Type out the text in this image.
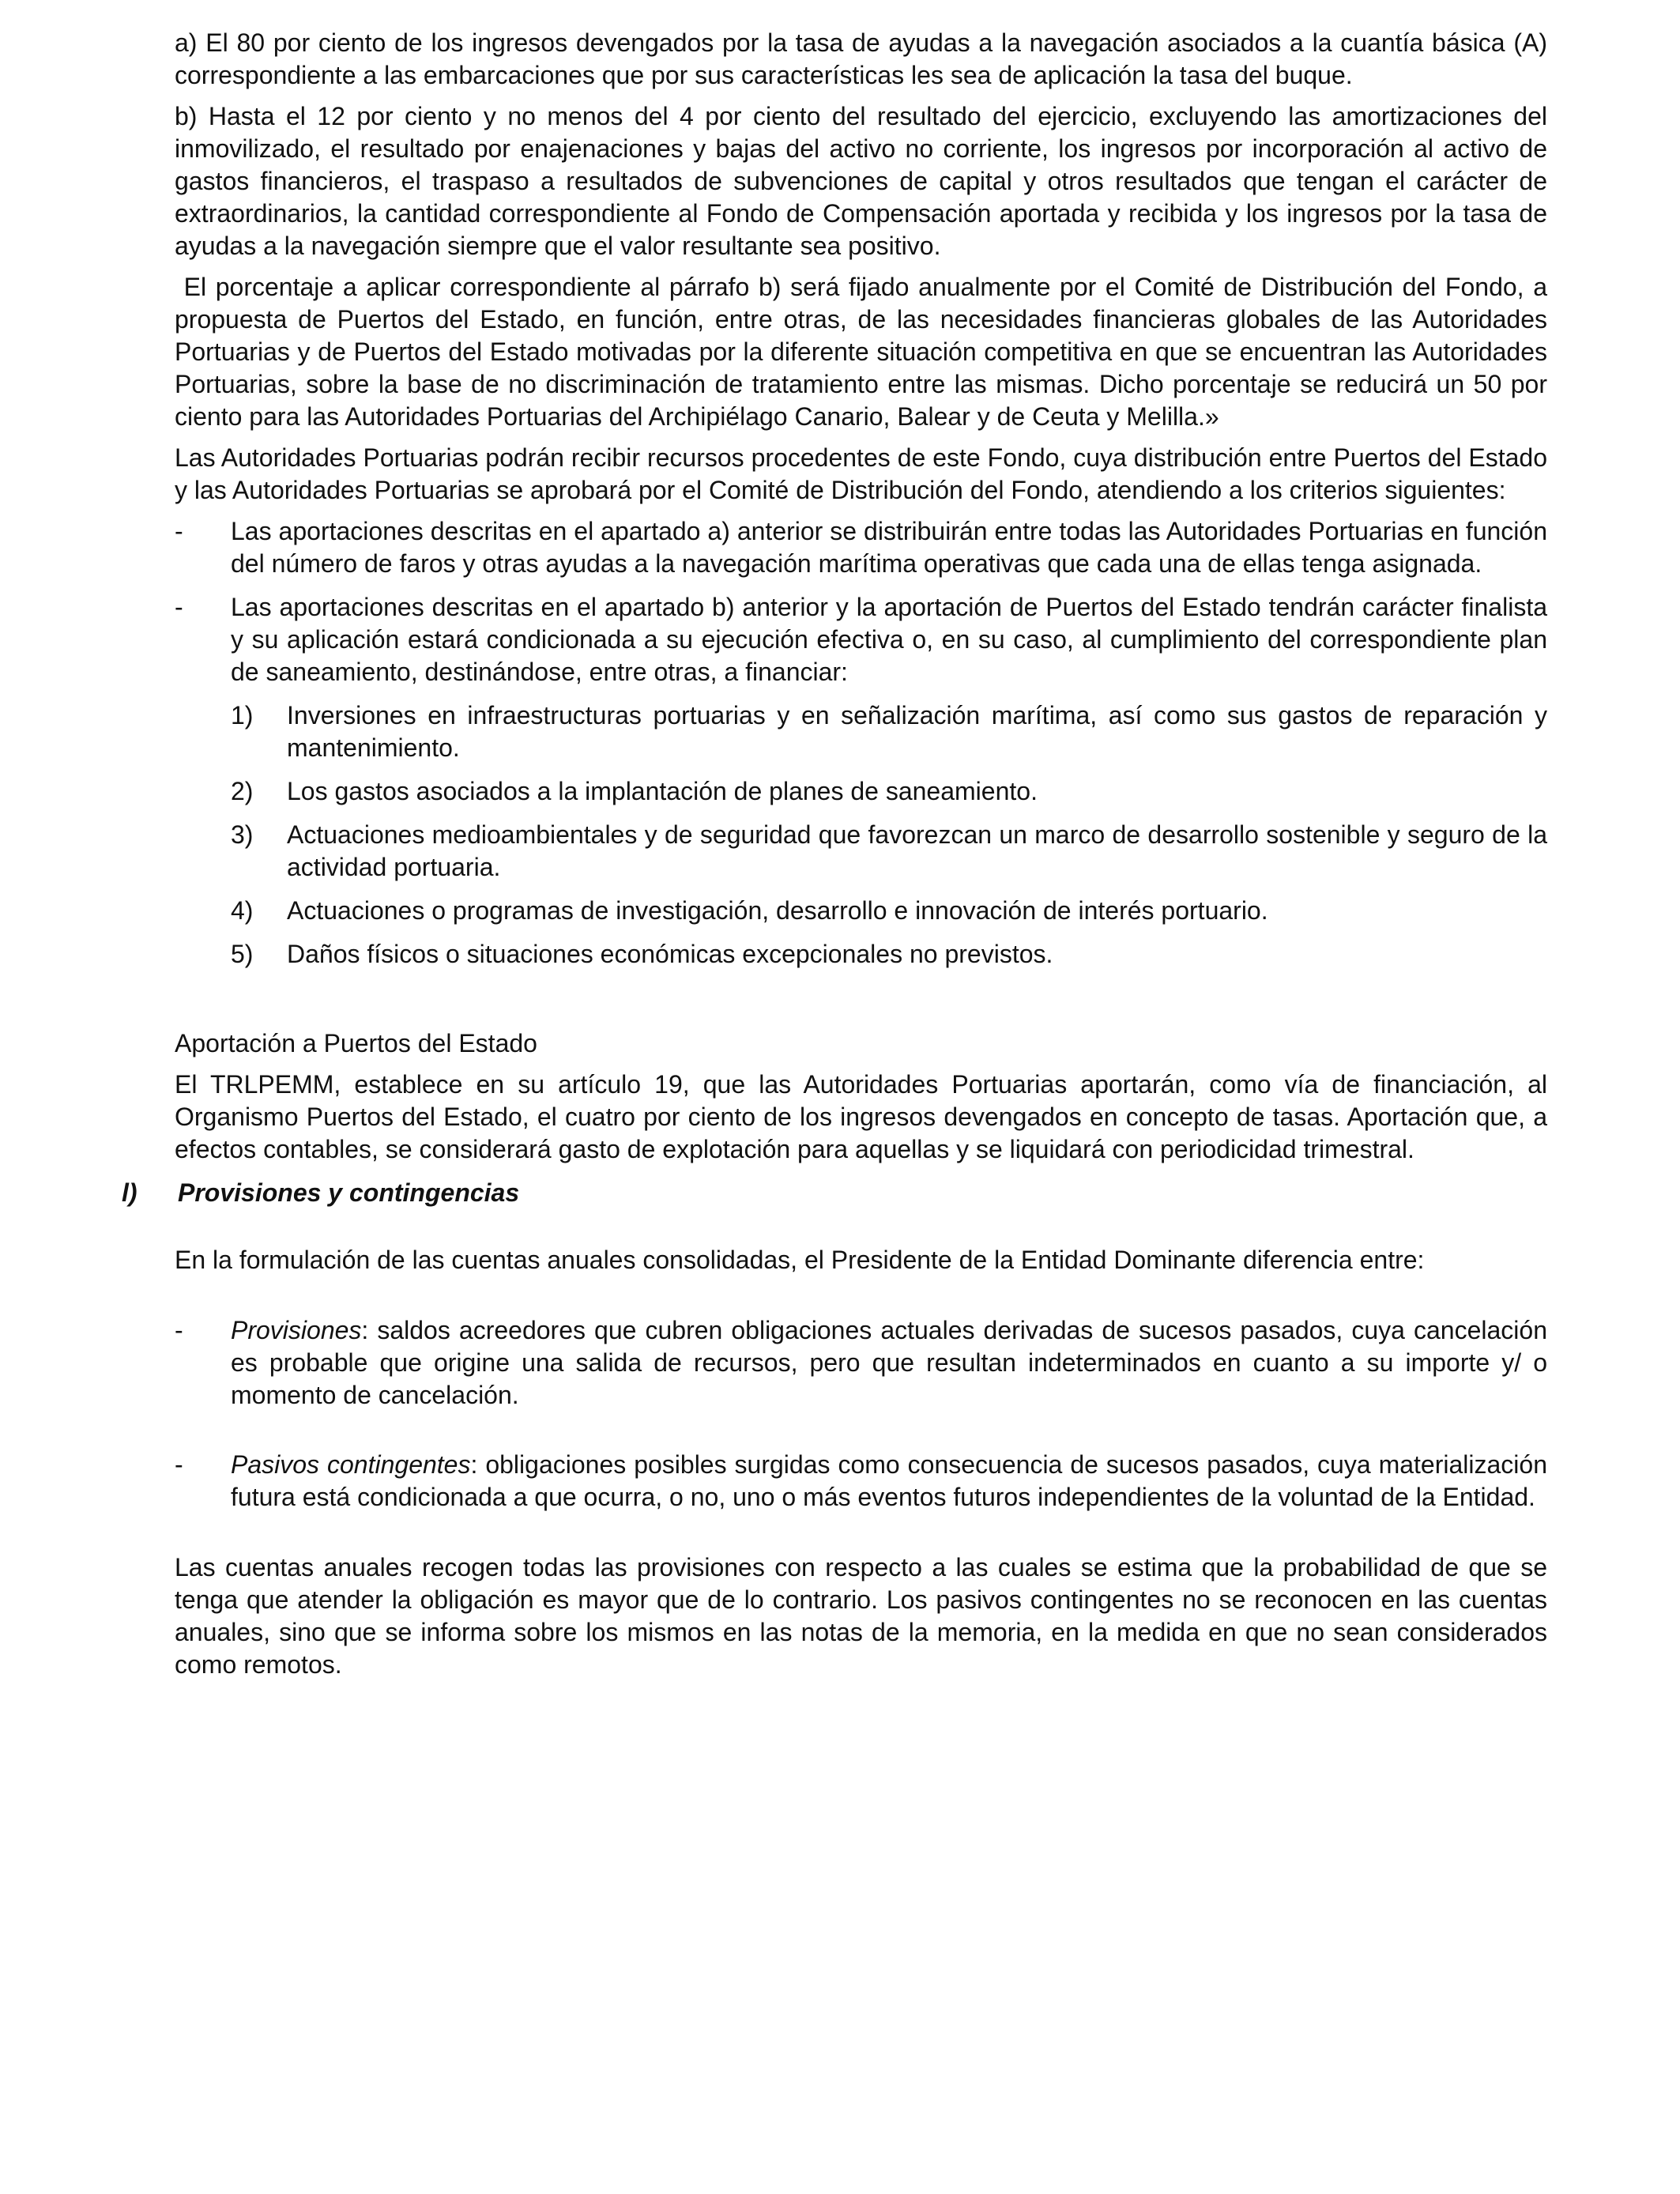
a) El 80 por ciento de los ingresos devengados por la tasa de ayudas a la navegación asociados a la cuantía básica (A) correspondiente a las embarcaciones que por sus características les sea de aplicación la tasa del buque.

b) Hasta el 12 por ciento y no menos del 4 por ciento del resultado del ejercicio, excluyendo las amortizaciones del inmovilizado, el resultado por enajenaciones y bajas del activo no corriente, los ingresos por incorporación al activo de gastos financieros, el traspaso a resultados de subvenciones de capital y otros resultados que tengan el carácter de extraordinarios, la cantidad correspondiente al Fondo de Compensación aportada y recibida y los ingresos por la tasa de ayudas a la navegación siempre que el valor resultante sea positivo.

El porcentaje a aplicar correspondiente al párrafo b) será fijado anualmente por el Comité de Distribución del Fondo, a propuesta de Puertos del Estado, en función, entre otras, de las necesidades financieras globales de las Autoridades Portuarias y de Puertos del Estado motivadas por la diferente situación competitiva en que se encuentran las Autoridades Portuarias, sobre la base de no discriminación de tratamiento entre las mismas. Dicho porcentaje se reducirá un 50 por ciento para las Autoridades Portuarias del Archipiélago Canario, Balear y de Ceuta y Melilla.»

Las Autoridades Portuarias podrán recibir recursos procedentes de este Fondo, cuya distribución entre Puertos del Estado y las Autoridades Portuarias se aprobará por el Comité de Distribución del Fondo, atendiendo a los criterios siguientes:

- Las aportaciones descritas en el apartado a) anterior se distribuirán entre todas las Autoridades Portuarias en función del número de faros y otras ayudas a la navegación marítima operativas que cada una de ellas tenga asignada.
- Las aportaciones descritas en el apartado b) anterior y la aportación de Puertos del Estado tendrán carácter finalista y su aplicación estará condicionada a su ejecución efectiva o, en su caso, al cumplimiento del correspondiente plan de saneamiento, destinándose, entre otras, a financiar:
1) Inversiones en infraestructuras portuarias y en señalización marítima, así como sus gastos de reparación y mantenimiento.
2) Los gastos asociados a la implantación de planes de saneamiento.
3) Actuaciones medioambientales y de seguridad que favorezcan un marco de desarrollo sostenible y seguro de la actividad portuaria.
4) Actuaciones o programas de investigación, desarrollo e innovación de interés portuario.
5) Daños físicos o situaciones económicas excepcionales no previstos.

Aportación a Puertos del Estado

El TRLPEMM, establece en su artículo 19, que las Autoridades Portuarias aportarán, como vía de financiación, al Organismo Puertos del Estado, el cuatro por ciento de los ingresos devengados en concepto de tasas. Aportación que, a efectos contables, se considerará gasto de explotación para aquellas y se liquidará con periodicidad trimestral.

l) Provisiones y contingencias

En la formulación de las cuentas anuales consolidadas, el Presidente de la Entidad Dominante diferencia entre:

- Provisiones: saldos acreedores que cubren obligaciones actuales derivadas de sucesos pasados, cuya cancelación es probable que origine una salida de recursos, pero que resultan indeterminados en cuanto a su importe y/ o momento de cancelación.
- Pasivos contingentes: obligaciones posibles surgidas como consecuencia de sucesos pasados, cuya materialización futura está condicionada a que ocurra, o no, uno o más eventos futuros independientes de la voluntad de la Entidad.

Las cuentas anuales recogen todas las provisiones con respecto a las cuales se estima que la probabilidad de que se tenga que atender la obligación es mayor que de lo contrario. Los pasivos contingentes no se reconocen en las cuentas anuales, sino que se informa sobre los mismos en las notas de la memoria, en la medida en que no sean considerados como remotos.
